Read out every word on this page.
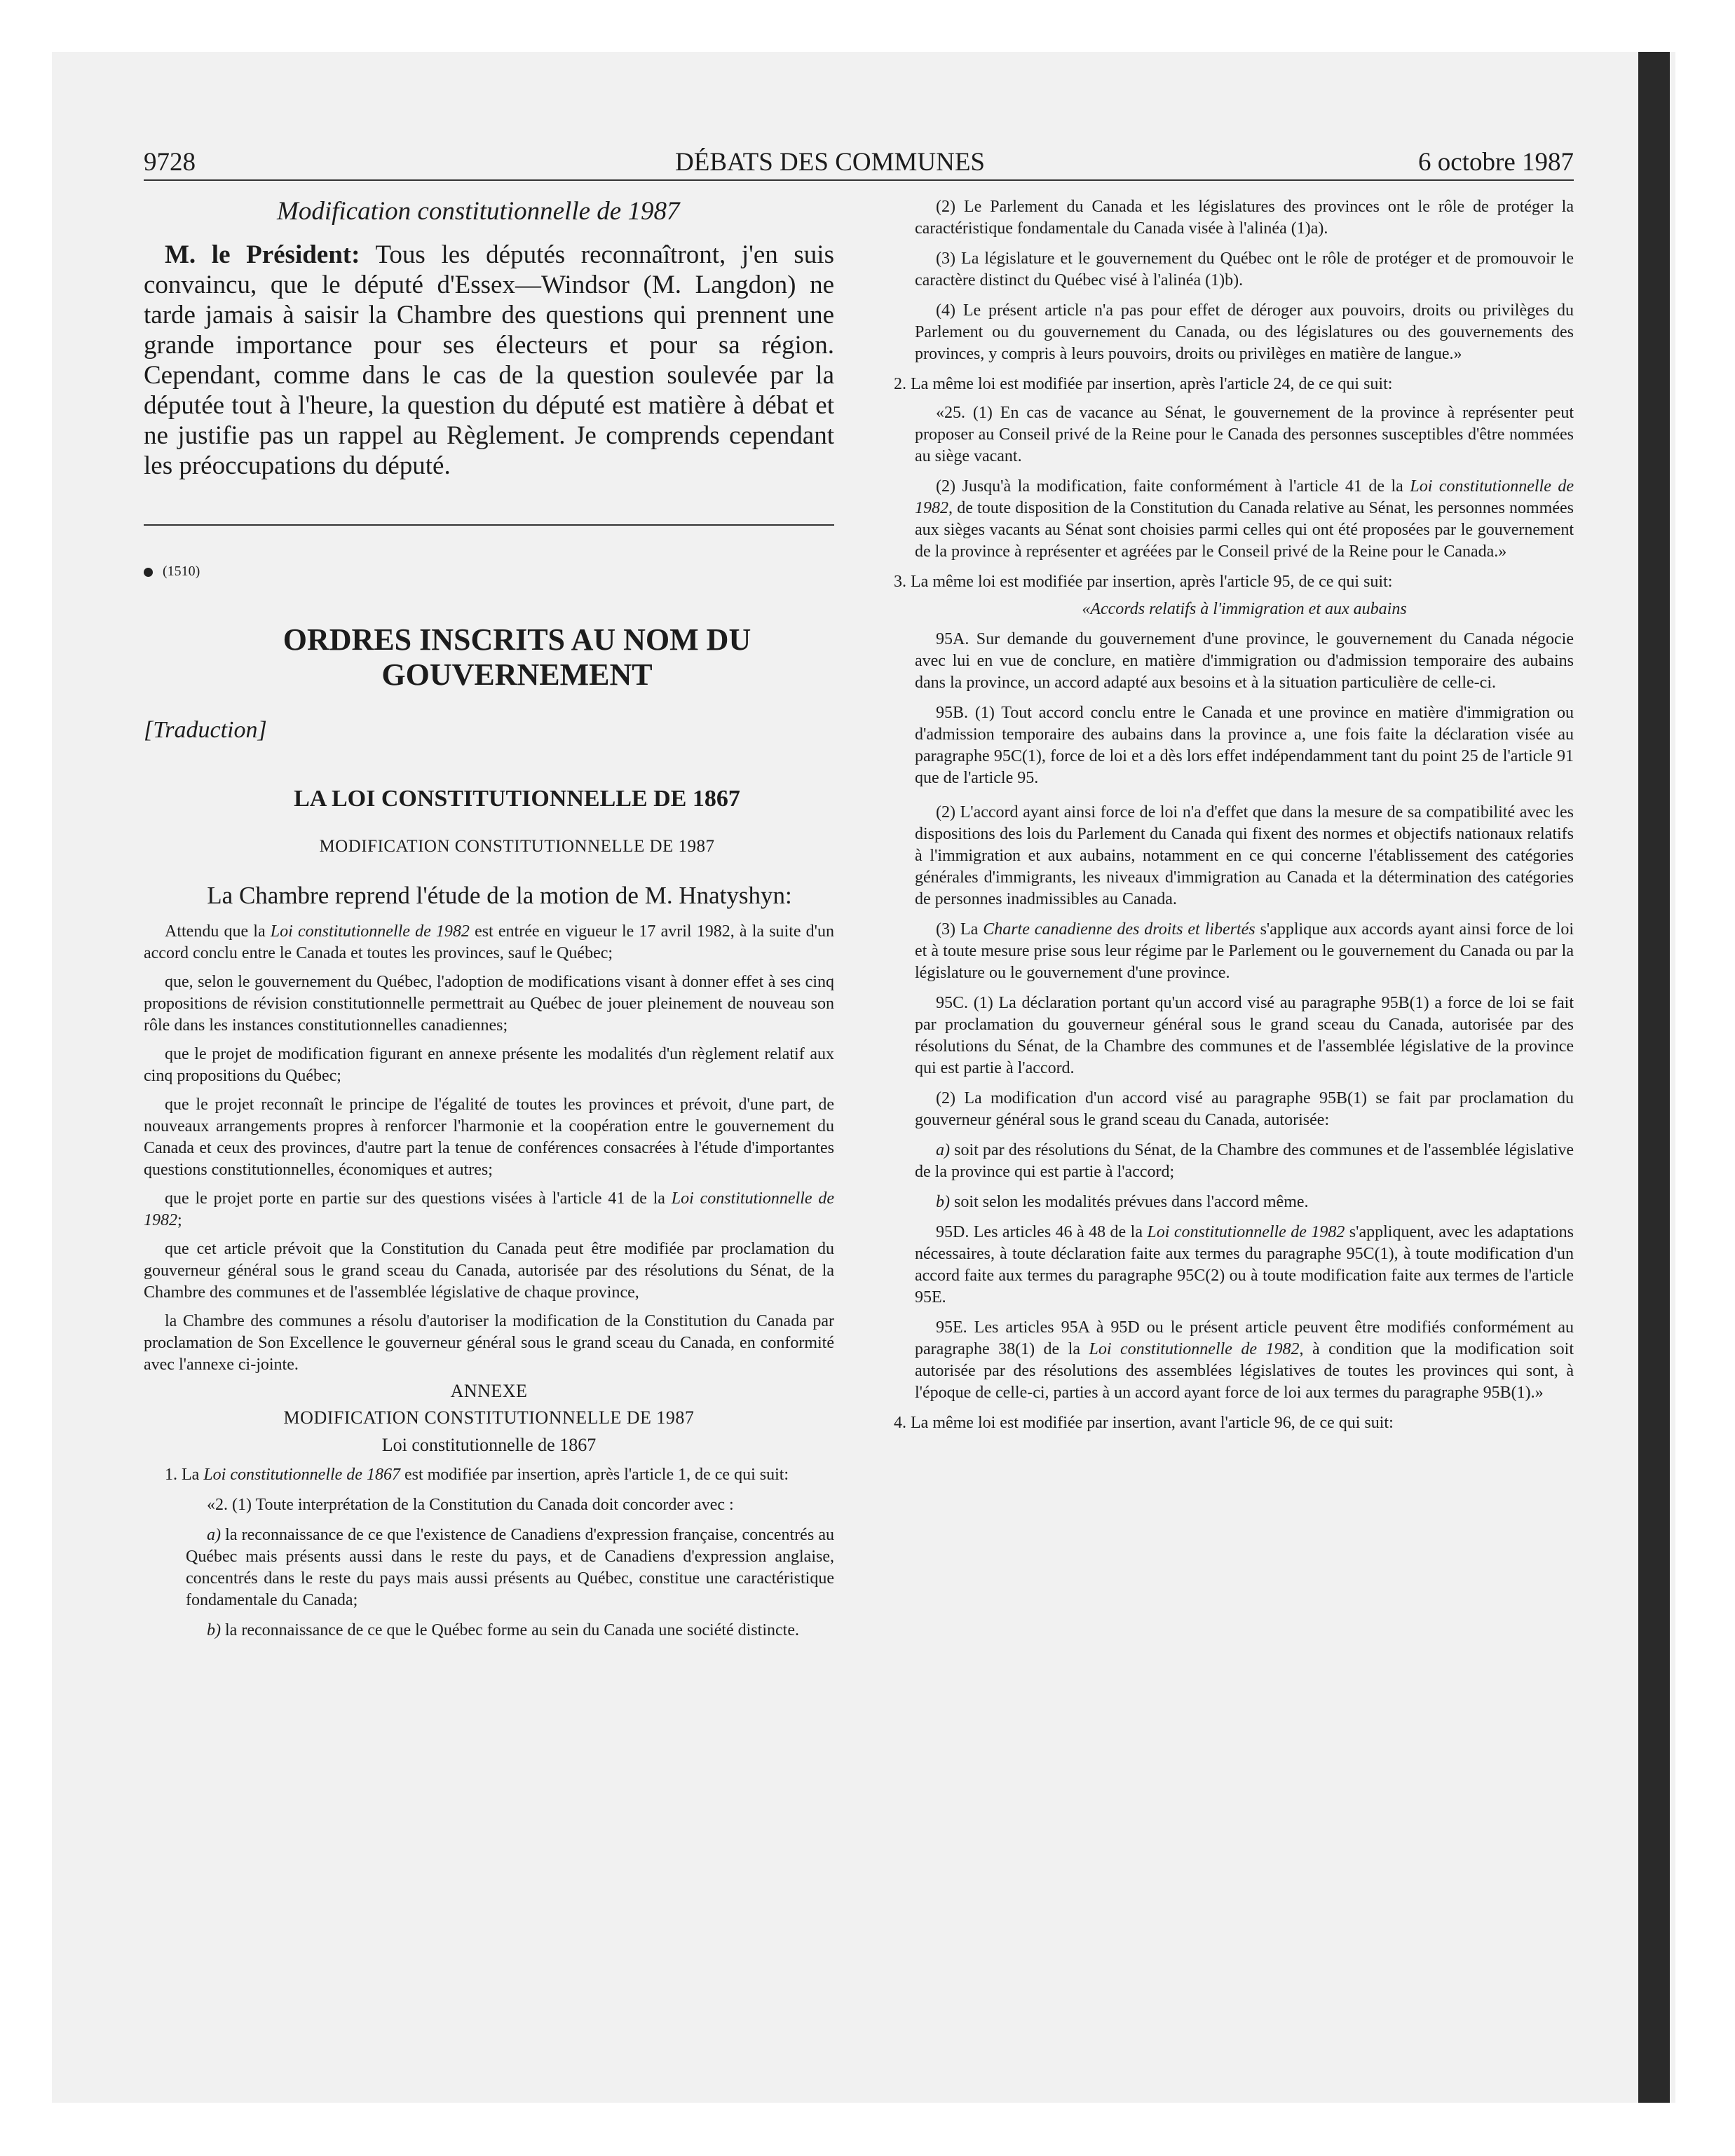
9728	DÉBATS DES COMMUNES	6 octobre 1987

Modification constitutionnelle de 1987

M. le Président: Tous les députés reconnaîtront, j'en suis convaincu, que le député d'Essex—Windsor (M. Langdon) ne tarde jamais à saisir la Chambre des questions qui prennent une grande importance pour ses électeurs et pour sa région. Cependant, comme dans le cas de la question soulevée par la députée tout à l'heure, la question du député est matière à débat et ne justifie pas un rappel au Règlement. Je comprends cependant les préoccupations du député.

(1510)
ORDRES INSCRITS AU NOM DU
GOUVERNEMENT

[Traduction]

LA LOI CONSTITUTIONNELLE DE 1867
MODIFICATION CONSTITUTIONNELLE DE 1987
La Chambre reprend l'étude de la motion de M. Hnatyshyn:

Attendu que la Loi constitutionnelle de 1982 est entrée en vigueur le 17 avril 1982, à la suite d'un accord conclu entre le Canada et toutes les provinces, sauf le Québec;

que, selon le gouvernement du Québec, l'adoption de modifications visant à donner effet à ses cinq propositions de révision constitutionnelle permettrait au Québec de jouer pleinement de nouveau son rôle dans les instances constitutionnelles canadiennes;

que le projet de modification figurant en annexe présente les modalités d'un règlement relatif aux cinq propositions du Québec;

que le projet reconnaît le principe de l'égalité de toutes les provinces et prévoit, d'une part, de nouveaux arrangements propres à renforcer l'harmonie et la coopération entre le gouvernement du Canada et ceux des provinces, d'autre part la tenue de conférences consacrées à l'étude d'importantes questions constitutionnelles, économiques et autres;

que le projet porte en partie sur des questions visées à l'article 41 de la Loi constitutionnelle de 1982;

que cet article prévoit que la Constitution du Canada peut être modifiée par proclamation du gouverneur général sous le grand sceau du Canada, autorisée par des résolutions du Sénat, de la Chambre des communes et de l'assemblée législative de chaque province,

la Chambre des communes a résolu d'autoriser la modification de la Constitution du Canada par proclamation de Son Excellence le gouverneur général sous le grand sceau du Canada, en conformité avec l'annexe ci-jointe.

ANNEXE
MODIFICATION CONSTITUTIONNELLE DE 1987
Loi constitutionnelle de 1867

1. La Loi constitutionnelle de 1867 est modifiée par insertion, après l'article 1, de ce qui suit:

«2. (1) Toute interprétation de la Constitution du Canada doit concorder avec :

a) la reconnaissance de ce que l'existence de Canadiens d'expression française, concentrés au Québec mais présents aussi dans le reste du pays, et de Canadiens d'expression anglaise, concentrés dans le reste du pays mais aussi présents au Québec, constitue une caractéristique fondamentale du Canada;

b) la reconnaissance de ce que le Québec forme au sein du Canada une société distincte.

(2) Le Parlement du Canada et les législatures des provinces ont le rôle de protéger la caractéristique fondamentale du Canada visée à l'alinéa (1)a).

(3) La législature et le gouvernement du Québec ont le rôle de protéger et de promouvoir le caractère distinct du Québec visé à l'alinéa (1)b).

(4) Le présent article n'a pas pour effet de déroger aux pouvoirs, droits ou privilèges du Parlement ou du gouvernement du Canada, ou des législatures ou des gouvernements des provinces, y compris à leurs pouvoirs, droits ou privilèges en matière de langue.»

2. La même loi est modifiée par insertion, après l'article 24, de ce qui suit:

«25. (1) En cas de vacance au Sénat, le gouvernement de la province à représenter peut proposer au Conseil privé de la Reine pour le Canada des personnes susceptibles d'être nommées au siège vacant.

(2) Jusqu'à la modification, faite conformément à l'article 41 de la Loi constitutionnelle de 1982, de toute disposition de la Constitution du Canada relative au Sénat, les personnes nommées aux sièges vacants au Sénat sont choisies parmi celles qui ont été proposées par le gouvernement de la province à représenter et agréées par le Conseil privé de la Reine pour le Canada.»

3. La même loi est modifiée par insertion, après l'article 95, de ce qui suit:

«Accords relatifs à l'immigration et aux aubains

95A. Sur demande du gouvernement d'une province, le gouvernement du Canada négocie avec lui en vue de conclure, en matière d'immigration ou d'admission temporaire des aubains dans la province, un accord adapté aux besoins et à la situation particulière de celle-ci.

95B. (1) Tout accord conclu entre le Canada et une province en matière d'immigration ou d'admission temporaire des aubains dans la province a, une fois faite la déclaration visée au paragraphe 95C(1), force de loi et a dès lors effet indépendamment tant du point 25 de l'article 91 que de l'article 95.

(2) L'accord ayant ainsi force de loi n'a d'effet que dans la mesure de sa compatibilité avec les dispositions des lois du Parlement du Canada qui fixent des normes et objectifs nationaux relatifs à l'immigration et aux aubains, notamment en ce qui concerne l'établissement des catégories générales d'immigrants, les niveaux d'immigration au Canada et la détermination des catégories de personnes inadmissibles au Canada.

(3) La Charte canadienne des droits et libertés s'applique aux accords ayant ainsi force de loi et à toute mesure prise sous leur régime par le Parlement ou le gouvernement du Canada ou par la législature ou le gouvernement d'une province.

95C. (1) La déclaration portant qu'un accord visé au paragraphe 95B(1) a force de loi se fait par proclamation du gouverneur général sous le grand sceau du Canada, autorisée par des résolutions du Sénat, de la Chambre des communes et de l'assemblée législative de la province qui est partie à l'accord.

(2) La modification d'un accord visé au paragraphe 95B(1) se fait par proclamation du gouverneur général sous le grand sceau du Canada, autorisée:

a) soit par des résolutions du Sénat, de la Chambre des communes et de l'assemblée législative de la province qui est partie à l'accord;

b) soit selon les modalités prévues dans l'accord même.

95D. Les articles 46 à 48 de la Loi constitutionnelle de 1982 s'appliquent, avec les adaptations nécessaires, à toute déclaration faite aux termes du paragraphe 95C(1), à toute modification d'un accord faite aux termes du paragraphe 95C(2) ou à toute modification faite aux termes de l'article 95E.

95E. Les articles 95A à 95D ou le présent article peuvent être modifiés conformément au paragraphe 38(1) de la Loi constitutionnelle de 1982, à condition que la modification soit autorisée par des résolutions des assemblées législatives de toutes les provinces qui sont, à l'époque de celle-ci, parties à un accord ayant force de loi aux termes du paragraphe 95B(1).»

4. La même loi est modifiée par insertion, avant l'article 96, de ce qui suit:
